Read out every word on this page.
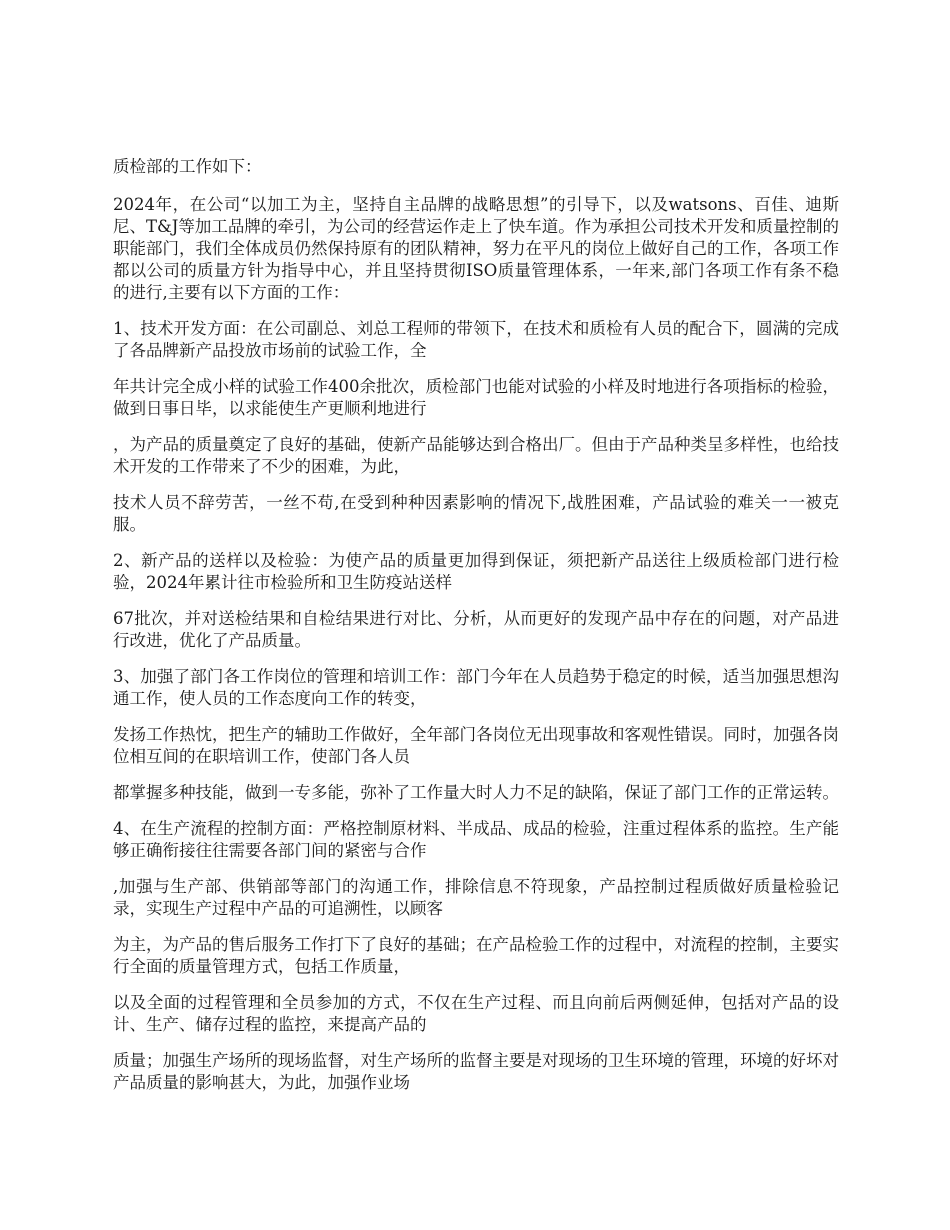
质检部的工作如下：

2024年，在公司“以加工为主，坚持自主品牌的战略思想”的引导下，以及watsons、百佳、迪斯尼、T&J等加工品牌的牵引，为公司的经营运作走上了快车道。作为承担公司技术开发和质量控制的职能部门，我们全体成员仍然保持原有的团队精神，努力在平凡的岗位上做好自己的工作，各项工作都以公司的质量方针为指导中心，并且坚持贯彻ISO质量管理体系，一年来,部门各项工作有条不稳的进行,主要有以下方面的工作：

1、技术开发方面：在公司副总、刘总工程师的带领下，在技术和质检有人员的配合下，圆满的完成了各品牌新产品投放市场前的试验工作，全

年共计完全成小样的试验工作400余批次，质检部门也能对试验的小样及时地进行各项指标的检验，做到日事日毕，以求能使生产更顺利地进行

，为产品的质量奠定了良好的基础，使新产品能够达到合格出厂。但由于产品种类呈多样性，也给技术开发的工作带来了不少的困难，为此，

技术人员不辞劳苦，一丝不苟,在受到种种因素影响的情况下,战胜困难，产品试验的难关一一被克服。

2、新产品的送样以及检验：为使产品的质量更加得到保证，须把新产品送往上级质检部门进行检验，2024年累计往市检验所和卫生防疫站送样

67批次，并对送检结果和自检结果进行对比、分析，从而更好的发现产品中存在的问题，对产品进行改进，优化了产品质量。

3、加强了部门各工作岗位的管理和培训工作：部门今年在人员趋势于稳定的时候，适当加强思想沟通工作，使人员的工作态度向工作的转变，

发扬工作热忱，把生产的辅助工作做好，全年部门各岗位无出现事故和客观性错误。同时，加强各岗位相互间的在职培训工作，使部门各人员

都掌握多种技能，做到一专多能，弥补了工作量大时人力不足的缺陷，保证了部门工作的正常运转。

4、在生产流程的控制方面：严格控制原材料、半成品、成品的检验，注重过程体系的监控。生产能够正确衔接往往需要各部门间的紧密与合作

,加强与生产部、供销部等部门的沟通工作，排除信息不符现象，产品控制过程质做好质量检验记录，实现生产过程中产品的可追溯性，以顾客

为主，为产品的售后服务工作打下了良好的基础；在产品检验工作的过程中，对流程的控制，主要实行全面的质量管理方式，包括工作质量，

以及全面的过程管理和全员参加的方式，不仅在生产过程、而且向前后两侧延伸，包括对产品的设计、生产、储存过程的监控，来提高产品的

质量；加强生产场所的现场监督，对生产场所的监督主要是对现场的卫生环境的管理，环境的好坏对产品质量的影响甚大，为此，加强作业场
